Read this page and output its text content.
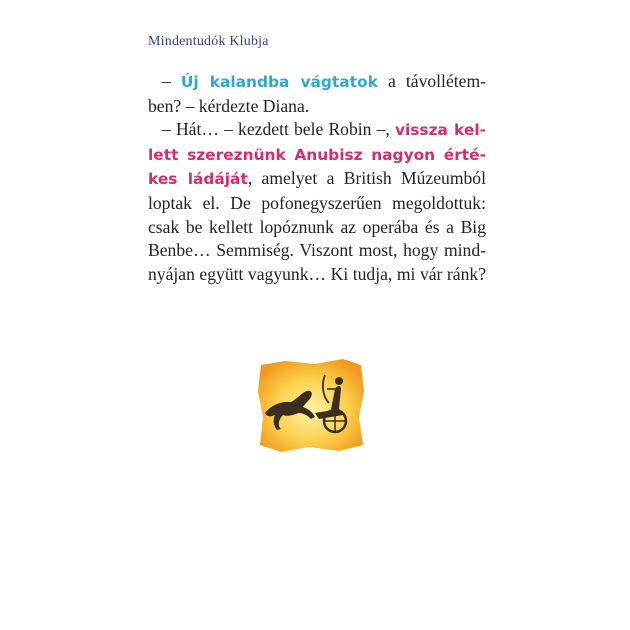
Mindentudók Klubja
– Új kalandba vágtatok a távollétem-
ben? – kérdezte Diana.
– Hát… – kezdett bele Robin –, vissza kel-
lett szereznünk Anubisz nagyon érté-
kes ládáját, amelyet a British Múzeumból
loptak el. De pofonegyszerűen megoldottuk:
csak be kellett lopóznunk az operába és a Big
Benbe… Semmiség. Viszont most, hogy mind-
nyájan együtt vagyunk… Ki tudja, mi vár ránk?
